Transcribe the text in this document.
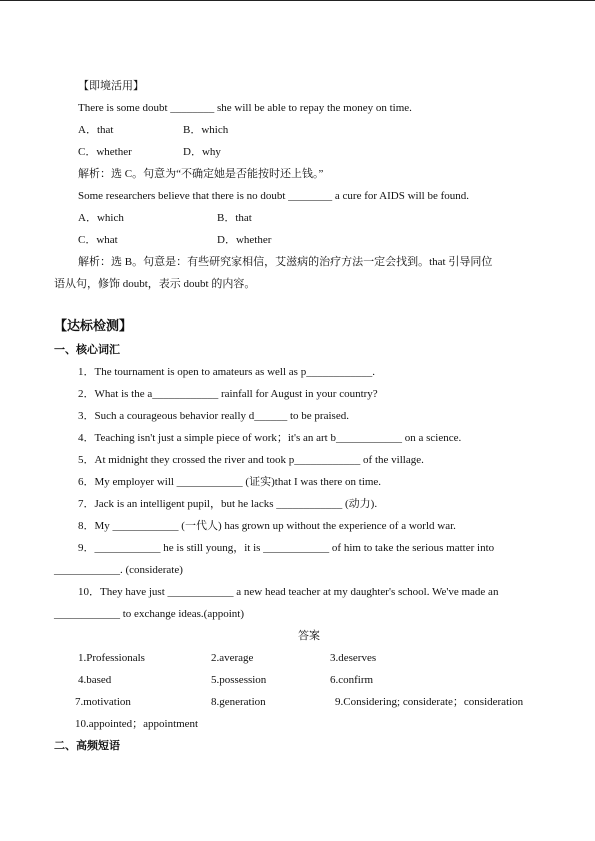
【即境活用】
There is some doubt ________ she will be able to repay the money on time.
A．that	B．which
C．whether	D．why
解析：选 C。句意为“不确定她是否能按时还上钱。”
Some researchers believe that there is no doubt ________ a cure for AIDS will be found.
A．which	B．that
C．what	D．whether
解析：选 B。句意是：有些研究家相信，艾滋病的治疗方法一定会找到。that 引导同位
语从句，修饰 doubt，表示 doubt 的内容。
【达标检测】
一、核心词汇
1．The tournament is open to amateurs as well as p____________.
2．What is the a____________ rainfall for August in your country?
3．Such a courageous behavior really d______ to be praised.
4．Teaching isn't just a simple piece of work；it's an art b____________ on a science.
5．At midnight they crossed the river and took p____________ of the village.
6．My employer will ____________ (证实)that I was there on time.
7．Jack is an intelligent pupil，but he lacks ____________ (动力).
8．My ____________ (一代人) has grown up without the experience of a world war.
9．____________ he is still young，it is ____________ of him to take the serious matter into
____________. (considerate)
10．They have just ____________ a new head teacher at my daughter's school. We've made an
____________ to exchange ideas.(appoint)
答案
1.Professionals	2.average	3.deserves
4.based	5.possession	6.confirm
7.motivation	8.generation	9.Considering; considerate；consideration
10.appointed；appointment
二、高频短语
